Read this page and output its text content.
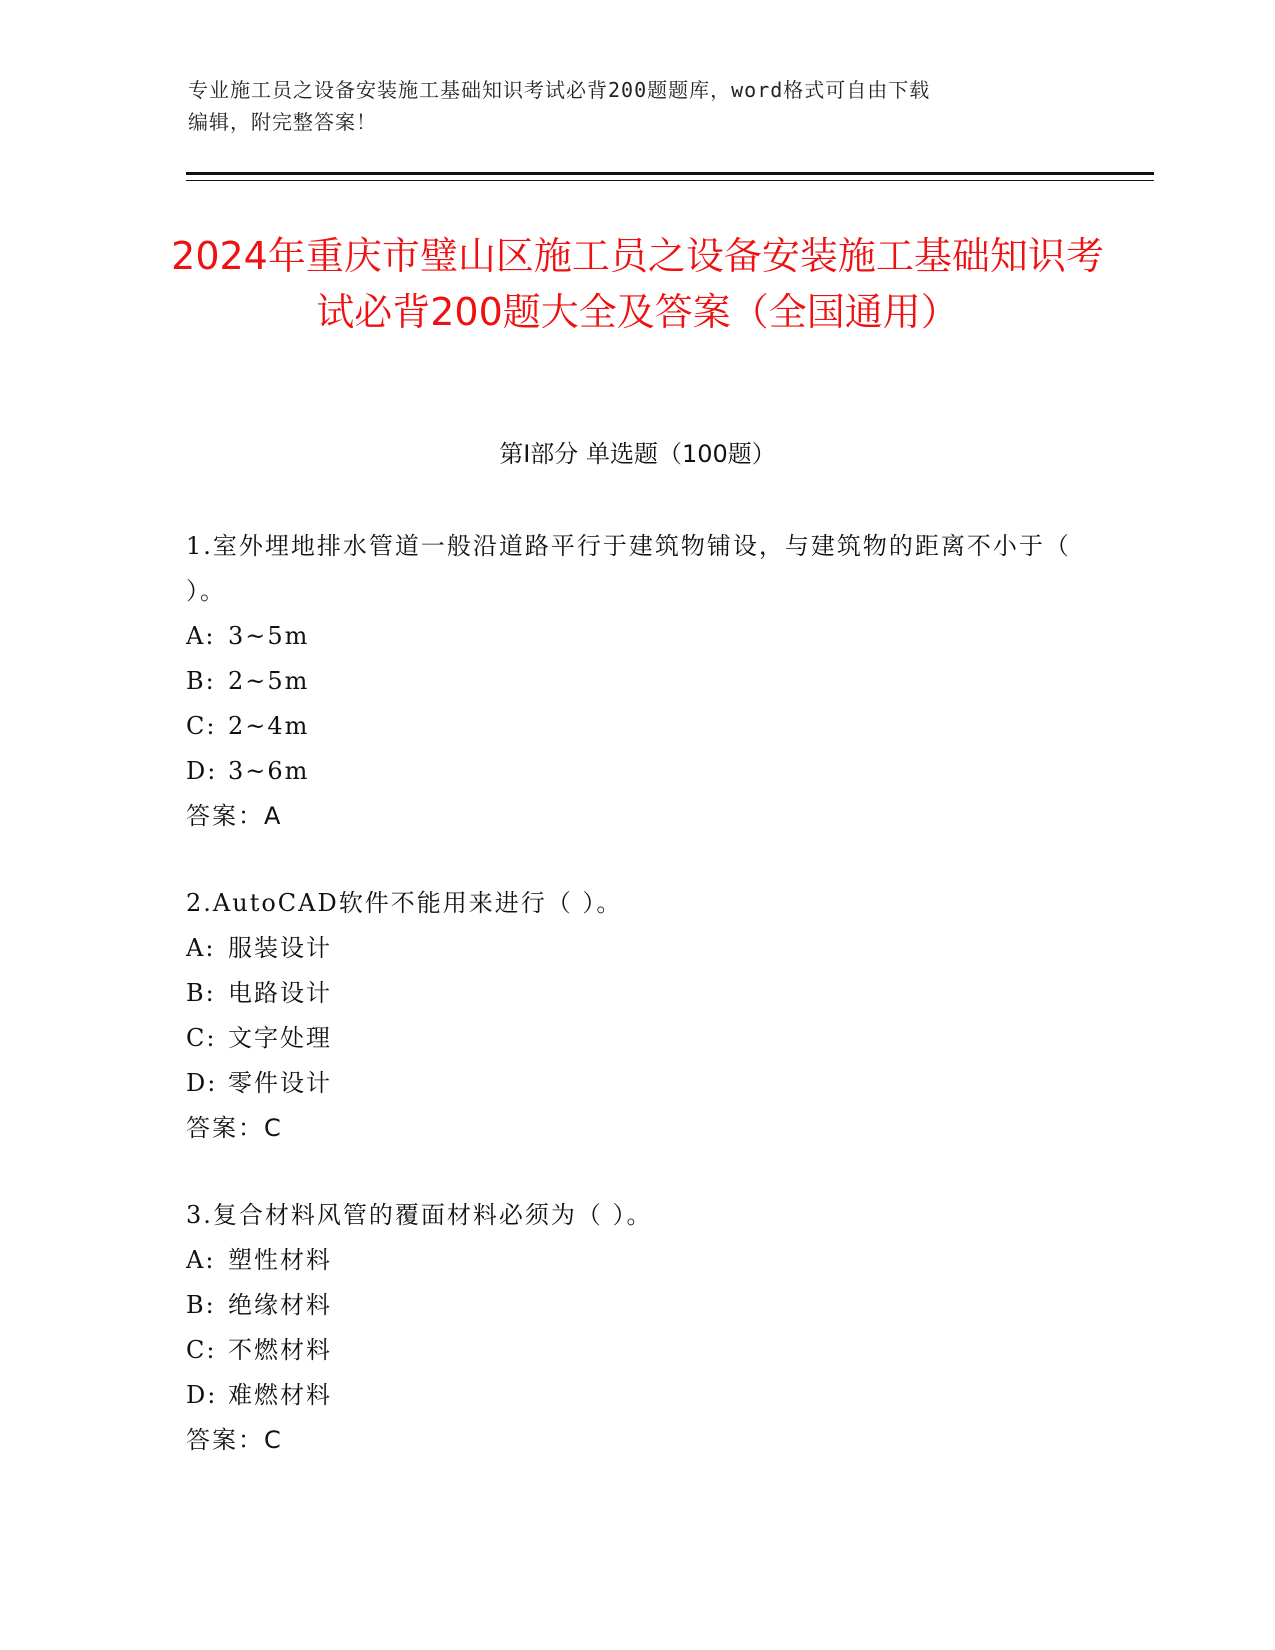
专业施工员之设备安装施工基础知识考试必背200题题库，word格式可自由下载
编辑，附完整答案！
2024年重庆市璧山区施工员之设备安装施工基础知识考试必背200题大全及答案（全国通用）
第Ⅰ部分 单选题（100题）

1.室外埋地排水管道一般沿道路平行于建筑物铺设，与建筑物的距离不小于（ ）。

A: 3~5m
B: 2~5m
C: 2~4m
D: 3~6m
答案：A

2.AutoCAD软件不能用来进行（ ）。

A: 服装设计
B: 电路设计
C: 文字处理
D: 零件设计
答案：C

3.复合材料风管的覆面材料必须为（ ）。

A: 塑性材料
B: 绝缘材料
C: 不燃材料
D: 难燃材料
答案：C
